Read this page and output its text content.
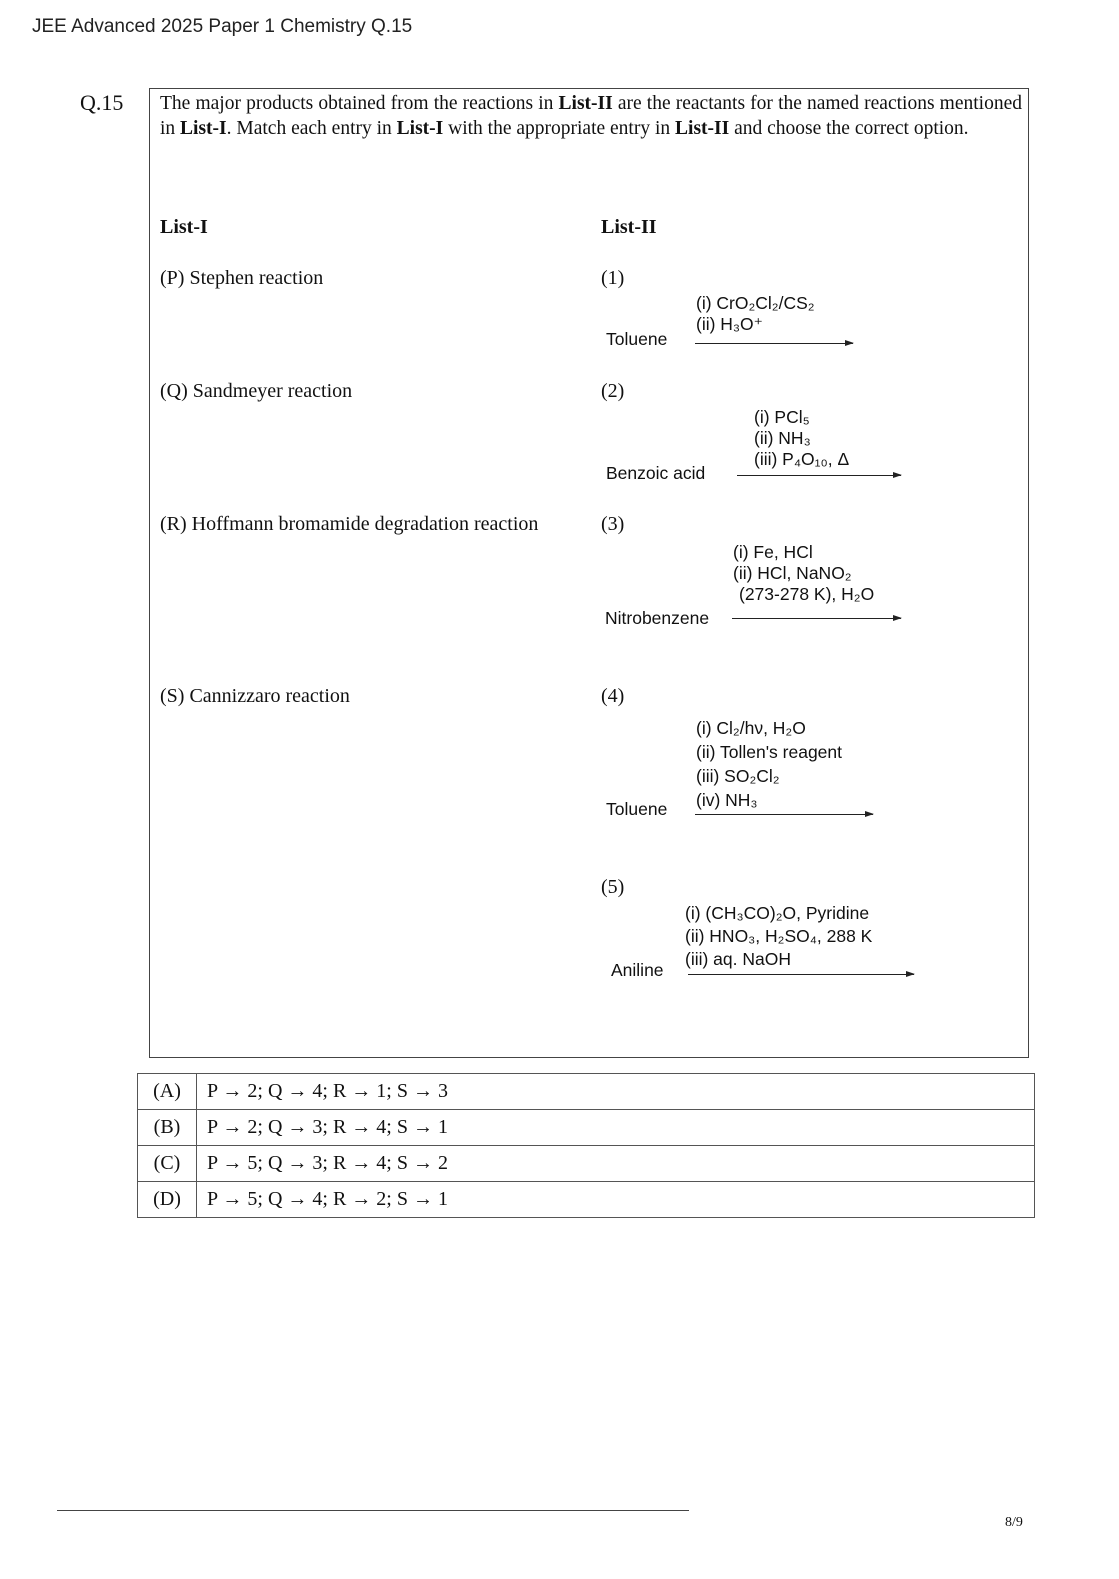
JEE Advanced 2025 Paper 1 Chemistry Q.15
Q.15 The major products obtained from the reactions in List-II are the reactants for the named reactions mentioned in List-I. Match each entry in List-I with the appropriate entry in List-II and choose the correct option.
List-I	List-II
(P) Stephen reaction
(Q) Sandmeyer reaction
(R) Hoffmann bromamide degradation reaction
(S) Cannizzaro reaction
(1)
Toluene
(i) CrO₂Cl₂/CS₂
(ii) H₃O⁺
(2)
Benzoic acid
(i) PCl₅
(ii) NH₃
(iii) P₄O₁₀, Δ
(3)
Nitrobenzene
(i) Fe, HCl
(ii) HCl, NaNO₂
(273-278 K), H₂O
(4)
Toluene
(i) Cl₂/hν, H₂O
(ii) Tollen's reagent
(iii) SO₂Cl₂
(iv) NH₃
(5)
Aniline
(i) (CH₃CO)₂O, Pyridine
(ii) HNO₃, H₂SO₄, 288 K
(iii) aq. NaOH
(A)	P → 2; Q → 4; R → 1; S → 3
(B)	P → 2; Q → 3; R → 4; S → 1
(C)	P → 5; Q → 3; R → 4; S → 2
(D)	P → 5; Q → 4; R → 2; S → 1
8/9
